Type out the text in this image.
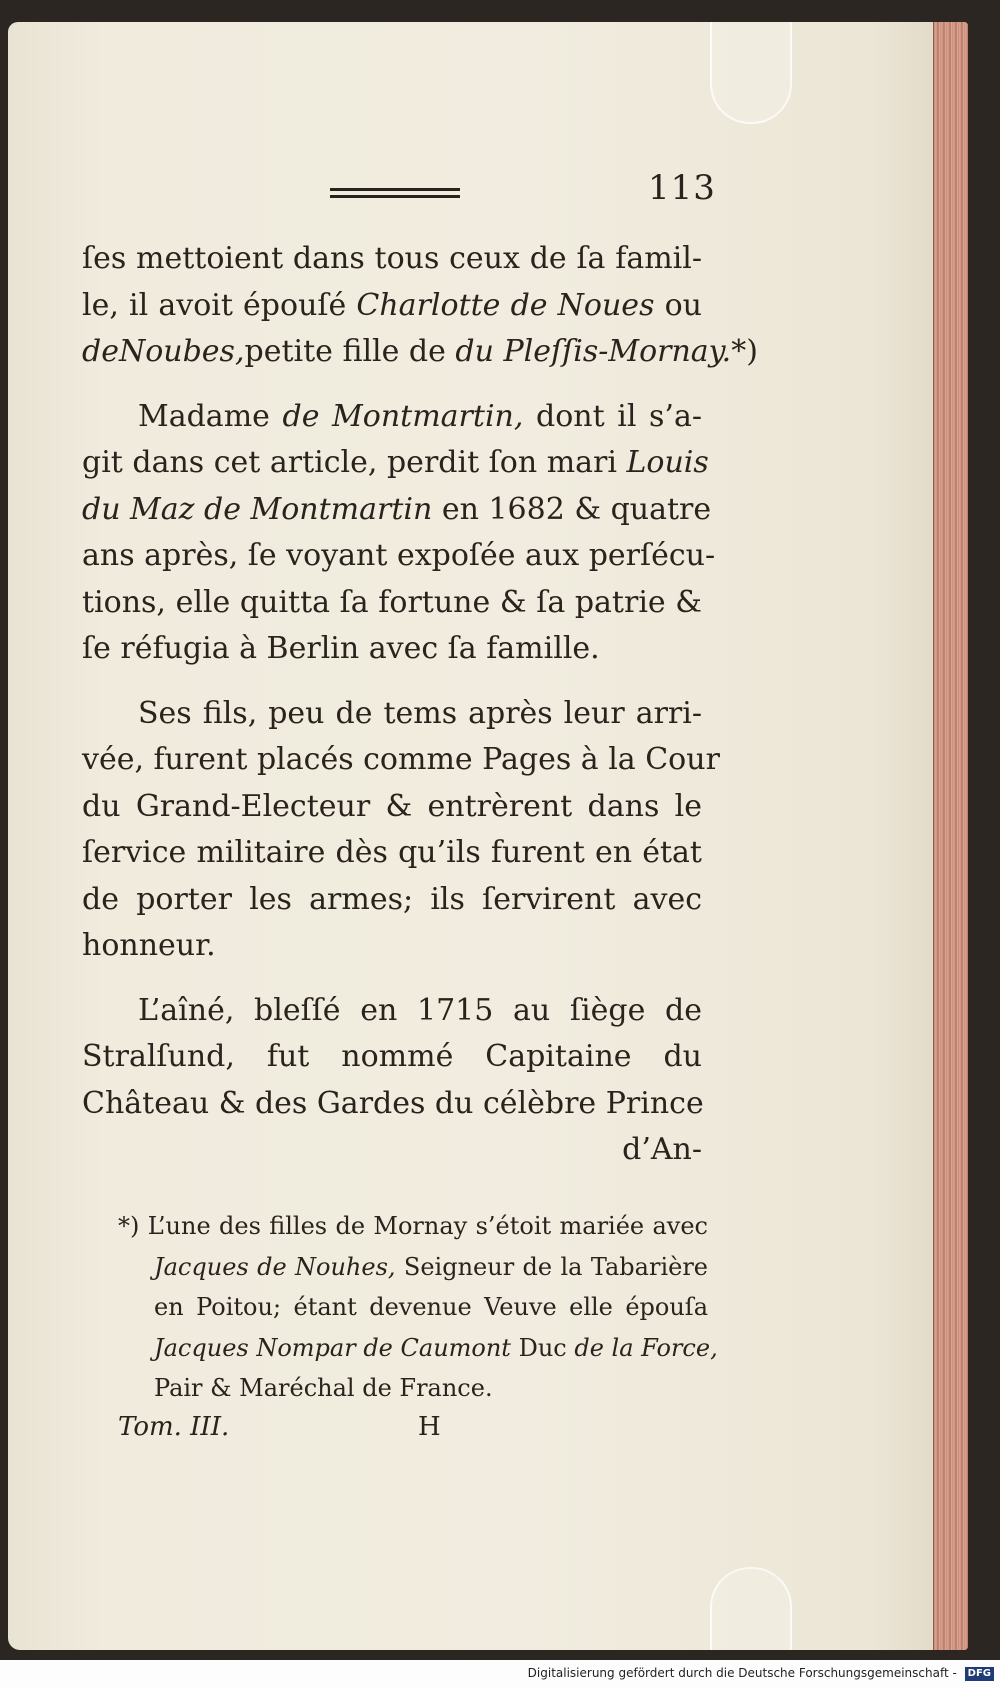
113
ſes mettoient dans tous ceux de ſa famil-
le, il avoit épouſé Charlotte de Noues ou
deNoubes,petite fille de du Pleſſis-Mornay.*)
Madame de Montmartin, dont il s’a-
git dans cet article, perdit ſon mari Louis
du Maz de Montmartin en 1682 & quatre
ans après, ſe voyant expoſée aux perſécu-
tions, elle quitta ſa fortune & ſa patrie &
ſe réfugia à Berlin avec ſa famille.
Ses fils, peu de tems après leur arri-
vée, furent placés comme Pages à la Cour
du Grand-Electeur & entrèrent dans le
ſervice militaire dès qu’ils furent en état
de porter les armes; ils ſervirent avec
honneur.
L’aîné, bleſſé en 1715 au ſiège de
Stralſund, fut nommé Capitaine du
Château & des Gardes du célèbre Prince
d’An-
*) L’une des filles de Mornay s’étoit mariée avec
Jacques de Nouhes, Seigneur de la Tabarière
en Poitou; étant devenue Veuve elle épouſa
Jacques Nompar de Caumont Duc de la Force,
Pair & Maréchal de France.
Tom. III.	H
Digitalisierung gefördert durch die Deutsche Forschungsgemeinschaft - DFG
